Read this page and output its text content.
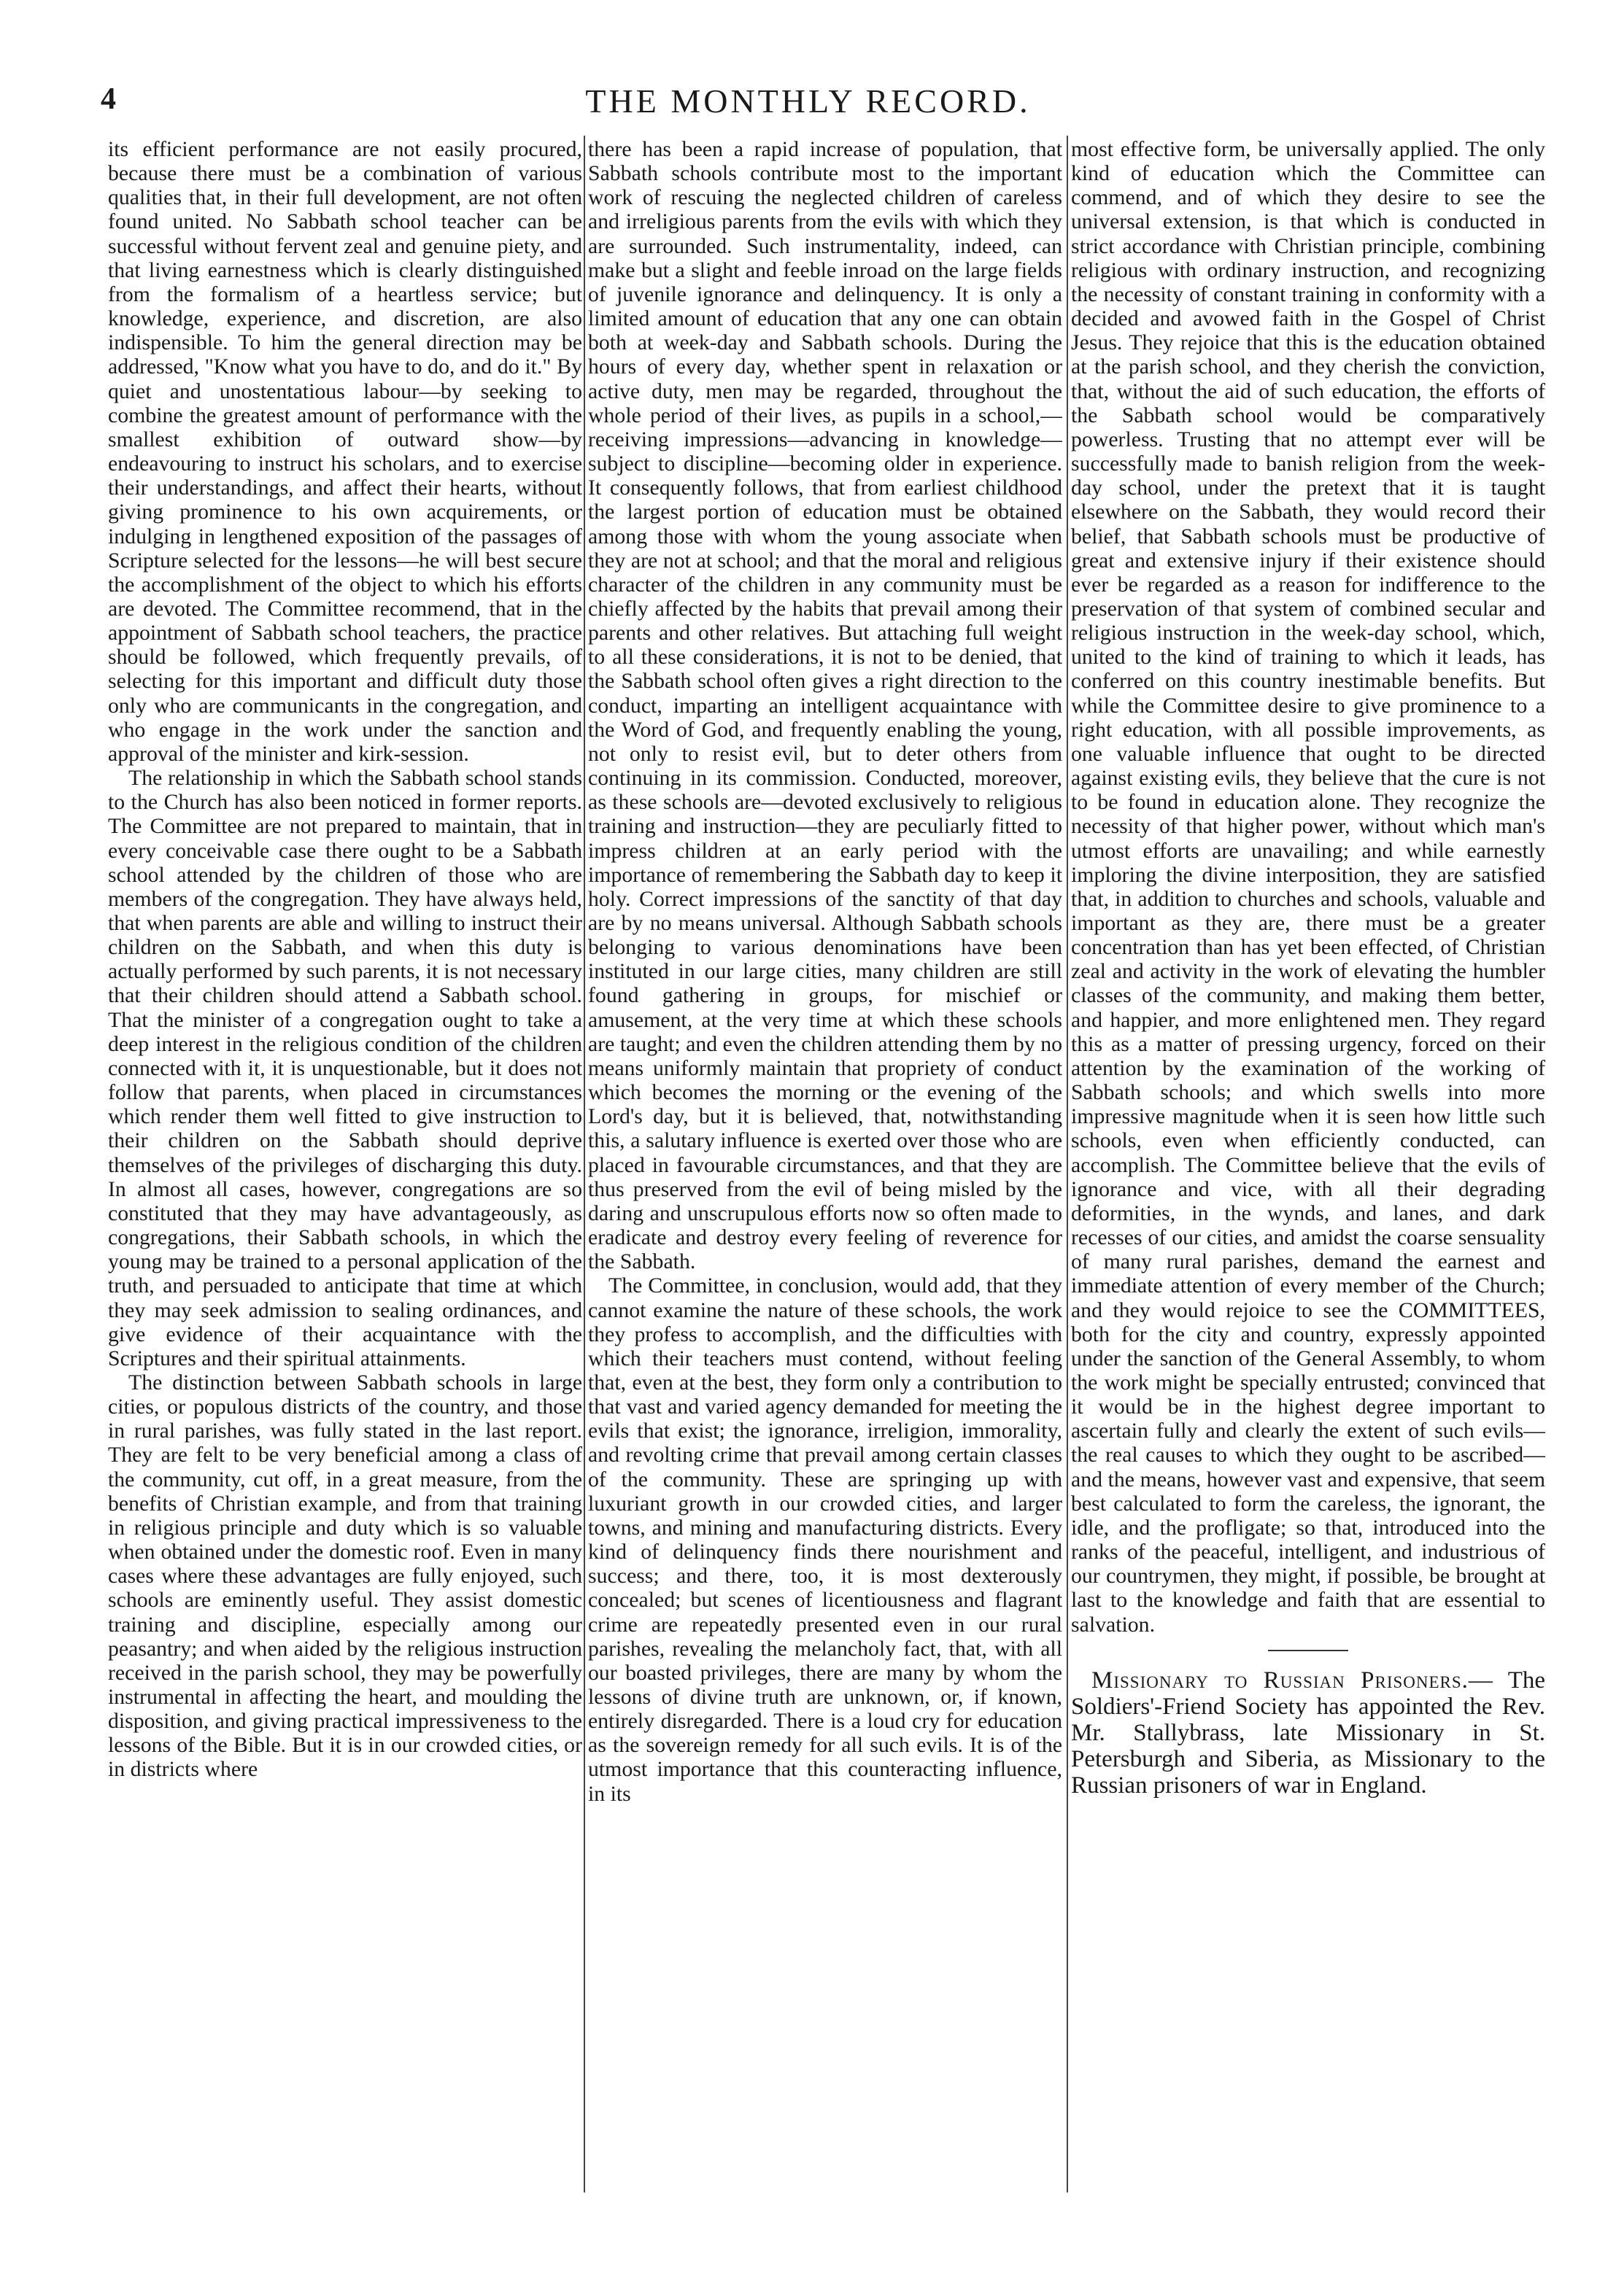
4	THE MONTHLY RECORD.

its efficient performance are not easily procured, because there must be a combination of various qualities that, in their full development, are not often found united. No Sabbath school teacher can be successful without fervent zeal and genuine piety, and that living earnestness which is clearly distinguished from the formalism of a heartless service; but knowledge, experience, and discretion, are also indispensible. To him the general direction may be addressed, "Know what you have to do, and do it." By quiet and unostentatious labour—by seeking to combine the greatest amount of performance with the smallest exhibition of outward show—by endeavouring to instruct his scholars, and to exercise their understandings, and affect their hearts, without giving prominence to his own acquirements, or indulging in lengthened exposition of the passages of Scripture selected for the lessons—he will best secure the accomplishment of the object to which his efforts are devoted. The Committee recommend, that in the appointment of Sabbath school teachers, the practice should be followed, which frequently prevails, of selecting for this important and difficult duty those only who are communicants in the congregation, and who engage in the work under the sanction and approval of the minister and kirk-session.

The relationship in which the Sabbath school stands to the Church has also been noticed in former reports. The Committee are not prepared to maintain, that in every conceivable case there ought to be a Sabbath school attended by the children of those who are members of the congregation. They have always held, that when parents are able and willing to instruct their children on the Sabbath, and when this duty is actually performed by such parents, it is not necessary that their children should attend a Sabbath school. That the minister of a congregation ought to take a deep interest in the religious condition of the children connected with it, it is unquestionable, but it does not follow that parents, when placed in circumstances which render them well fitted to give instruction to their children on the Sabbath should deprive themselves of the privileges of discharging this duty. In almost all cases, however, congregations are so constituted that they may have advantageously, as congregations, their Sabbath schools, in which the young may be trained to a personal application of the truth, and persuaded to anticipate that time at which they may seek admission to sealing ordinances, and give evidence of their acquaintance with the Scriptures and their spiritual attainments.

The distinction between Sabbath schools in large cities, or populous districts of the country, and those in rural parishes, was fully stated in the last report. They are felt to be very beneficial among a class of the community, cut off, in a great measure, from the benefits of Christian example, and from that training in religious principle and duty which is so valuable when obtained under the domestic roof. Even in many cases where these advantages are fully enjoyed, such schools are eminently useful. They assist domestic training and discipline, especially among our peasantry; and when aided by the religious instruction received in the parish school, they may be powerfully instrumental in affecting the heart, and moulding the disposition, and giving practical impressiveness to the lessons of the Bible. But it is in our crowded cities, or in districts where

there has been a rapid increase of population, that Sabbath schools contribute most to the important work of rescuing the neglected children of careless and irreligious parents from the evils with which they are surrounded. Such instrumentality, indeed, can make but a slight and feeble inroad on the large fields of juvenile ignorance and delinquency. It is only a limited amount of education that any one can obtain both at week-day and Sabbath schools. During the hours of every day, whether spent in relaxation or active duty, men may be regarded, throughout the whole period of their lives, as pupils in a school,—receiving impressions—advancing in knowledge—subject to discipline—becoming older in experience. It consequently follows, that from earliest childhood the largest portion of education must be obtained among those with whom the young associate when they are not at school; and that the moral and religious character of the children in any community must be chiefly affected by the habits that prevail among their parents and other relatives. But attaching full weight to all these considerations, it is not to be denied, that the Sabbath school often gives a right direction to the conduct, imparting an intelligent acquaintance with the Word of God, and frequently enabling the young, not only to resist evil, but to deter others from continuing in its commission. Conducted, moreover, as these schools are—devoted exclusively to religious training and instruction—they are peculiarly fitted to impress children at an early period with the importance of remembering the Sabbath day to keep it holy. Correct impressions of the sanctity of that day are by no means universal. Although Sabbath schools belonging to various denominations have been instituted in our large cities, many children are still found gathering in groups, for mischief or amusement, at the very time at which these schools are taught; and even the children attending them by no means uniformly maintain that propriety of conduct which becomes the morning or the evening of the Lord's day, but it is believed, that, notwithstanding this, a salutary influence is exerted over those who are placed in favourable circumstances, and that they are thus preserved from the evil of being misled by the daring and unscrupulous efforts now so often made to eradicate and destroy every feeling of reverence for the Sabbath.

The Committee, in conclusion, would add, that they cannot examine the nature of these schools, the work they profess to accomplish, and the difficulties with which their teachers must contend, without feeling that, even at the best, they form only a contribution to that vast and varied agency demanded for meeting the evils that exist; the ignorance, irreligion, immorality, and revolting crime that prevail among certain classes of the community. These are springing up with luxuriant growth in our crowded cities, and larger towns, and mining and manufacturing districts. Every kind of delinquency finds there nourishment and success; and there, too, it is most dexterously concealed; but scenes of licentiousness and flagrant crime are repeatedly presented even in our rural parishes, revealing the melancholy fact, that, with all our boasted privileges, there are many by whom the lessons of divine truth are unknown, or, if known, entirely disregarded. There is a loud cry for education as the sovereign remedy for all such evils. It is of the utmost importance that this counteracting influence, in its

most effective form, be universally applied. The only kind of education which the Committee can commend, and of which they desire to see the universal extension, is that which is conducted in strict accordance with Christian principle, combining religious with ordinary instruction, and recognizing the necessity of constant training in conformity with a decided and avowed faith in the Gospel of Christ Jesus. They rejoice that this is the education obtained at the parish school, and they cherish the conviction, that, without the aid of such education, the efforts of the Sabbath school would be comparatively powerless. Trusting that no attempt ever will be successfully made to banish religion from the week-day school, under the pretext that it is taught elsewhere on the Sabbath, they would record their belief, that Sabbath schools must be productive of great and extensive injury if their existence should ever be regarded as a reason for indifference to the preservation of that system of combined secular and religious instruction in the week-day school, which, united to the kind of training to which it leads, has conferred on this country inestimable benefits. But while the Committee desire to give prominence to a right education, with all possible improvements, as one valuable influence that ought to be directed against existing evils, they believe that the cure is not to be found in education alone. They recognize the necessity of that higher power, without which man's utmost efforts are unavailing; and while earnestly imploring the divine interposition, they are satisfied that, in addition to churches and schools, valuable and important as they are, there must be a greater concentration than has yet been effected, of Christian zeal and activity in the work of elevating the humbler classes of the community, and making them better, and happier, and more enlightened men. They regard this as a matter of pressing urgency, forced on their attention by the examination of the working of Sabbath schools; and which swells into more impressive magnitude when it is seen how little such schools, even when efficiently conducted, can accomplish. The Committee believe that the evils of ignorance and vice, with all their degrading deformities, in the wynds, and lanes, and dark recesses of our cities, and amidst the coarse sensuality of many rural parishes, demand the earnest and immediate attention of every member of the Church; and they would rejoice to see the COMMITTEES, both for the city and country, expressly appointed under the sanction of the General Assembly, to whom the work might be specially entrusted; convinced that it would be in the highest degree important to ascertain fully and clearly the extent of such evils—the real causes to which they ought to be ascribed—and the means, however vast and expensive, that seem best calculated to form the careless, the ignorant, the idle, and the profligate; so that, introduced into the ranks of the peaceful, intelligent, and industrious of our countrymen, they might, if possible, be brought at last to the knowledge and faith that are essential to salvation.

Missionary to Russian Prisoners.— The Soldiers'-Friend Society has appointed the Rev. Mr. Stallybrass, late Missionary in St. Petersburgh and Siberia, as Missionary to the Russian prisoners of war in England.
